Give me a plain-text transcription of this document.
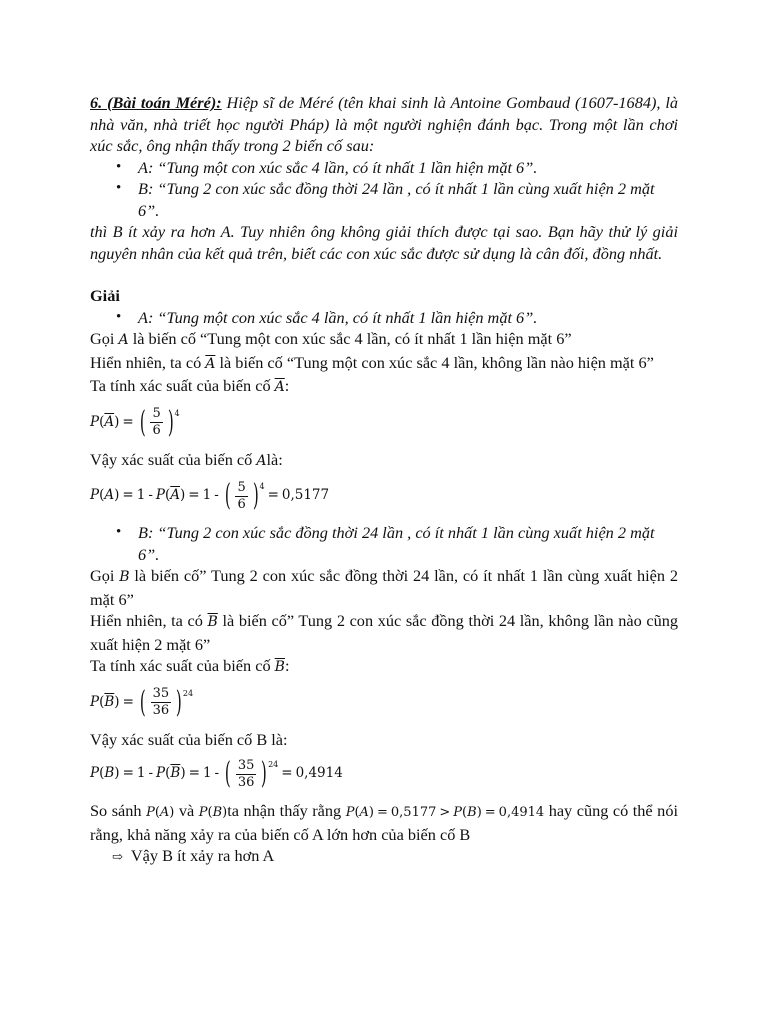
6. (Bài toán Méré): Hiệp sĩ de Méré (tên khai sinh là Antoine Gombaud (1607-1684), là nhà văn, nhà triết học người Pháp) là một người nghiện đánh bạc. Trong một lần chơi xúc sắc, ông nhận thấy trong 2 biến cố sau:

• A: “Tung một con xúc sắc 4 lần, có ít nhất 1 lần hiện mặt 6”.
• B: “Tung 2 con xúc sắc đồng thời 24 lần , có ít nhất 1 lần cùng xuất hiện 2 mặt 6”.

thì B ít xảy ra hơn A. Tuy nhiên ông không giải thích được tại sao. Bạn hãy thử lý giải nguyên nhân của kết quả trên, biết các con xúc sắc được sử dụng là cân đối, đồng nhất.

Giải

• A: “Tung một con xúc sắc 4 lần, có ít nhất 1 lần hiện mặt 6”.

Gọi A là biến cố “Tung một con xúc sắc 4 lần, có ít nhất 1 lần hiện mặt 6”

Hiển nhiên, ta có $\overline{A}$ là biến cố “Tung một con xúc sắc 4 lần, không lần nào hiện mặt 6”

Ta tính xác suất của biến cố $\overline{A}$:

P ( $\overline{A}$ ) = ( $\frac{5}{6}$ ) 4

Vậy xác suất của biến cố Alà:

P ( A ) = 1 - P ( $\overline{A}$ ) = 1 - ( $\frac{5}{6}$ ) 4
= 0,5177
• B: “Tung 2 con xúc sắc đồng thời 24 lần , có ít nhất 1 lần cùng xuất hiện 2 mặt 6”.

Gọi B là biến cố” Tung 2 con xúc sắc đồng thời 24 lần, có ít nhất 1 lần cùng xuất hiện 2 mặt 6”

Hiển nhiên, ta có $\overline{B}$ là biến cố” Tung 2 con xúc sắc đồng thời 24 lần, không lần nào cũng xuất hiện 2 mặt 6”

Ta tính xác suất của biến cố $\overline{B}$:

P ( $\overline{B}$ ) = ( $\frac{35}{36}$ ) 24

Vậy xác suất của biến cố B là:

P ( B ) = 1 - P ( $\overline{B}$ ) = 1 - ( $\frac{35}{36}$ ) 24
= 0,4914

So sánh P(A) và P(B)ta nhận thấy rằng P(A) = 0,5177 > P(B) = 0,4914 hay cũng có thể nói rằng, khả năng xảy ra của biến cố A lớn hơn của biến cố B

⇨ Vậy B ít xảy ra hơn A
